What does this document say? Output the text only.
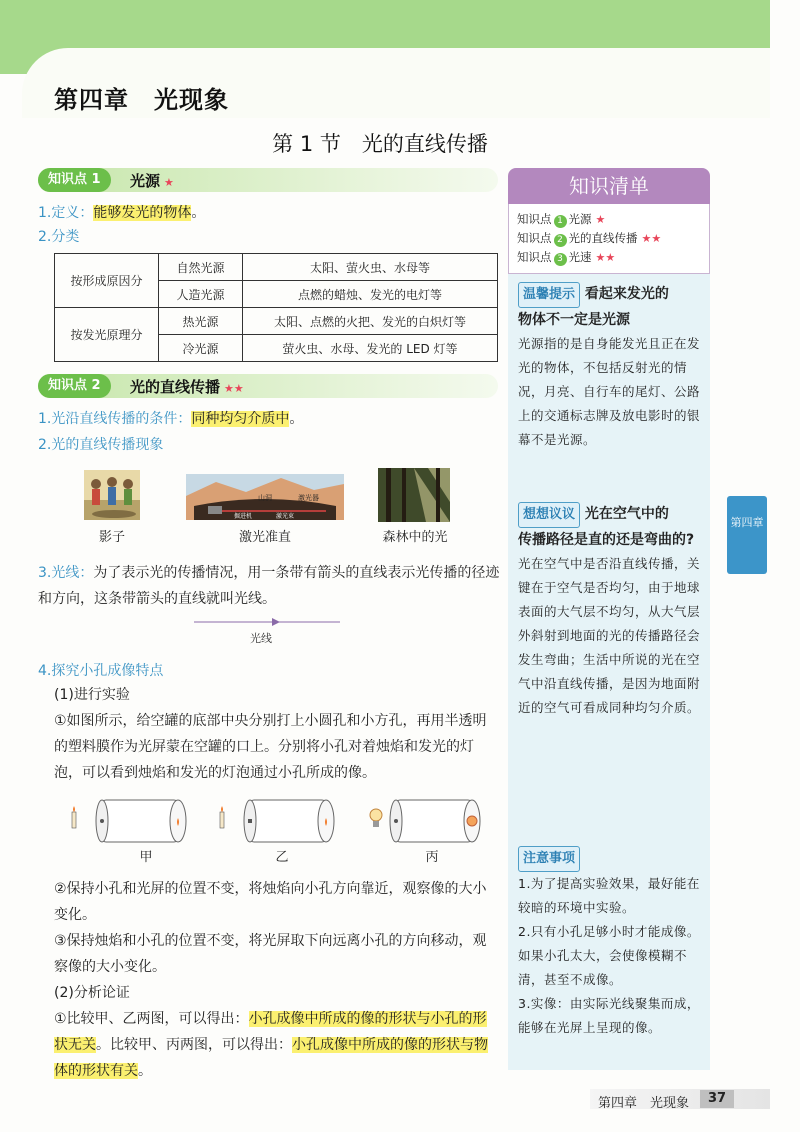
第四章　光现象
第 1 节　光的直线传播
知识点 1	光源 ★
1.定义：能够发光的物体。
2.分类
按形成原因分	自然光源	太阳、萤火虫、水母等
	人造光源	点燃的蜡烛、发光的电灯等
按发光原理分	热光源	太阳、点燃的火把、发光的白炽灯等
	冷光源	萤火虫、水母、发光的 LED 灯等
知识点 2	光的直线传播 ★★
1.光沿直线传播的条件：同种均匀介质中。
2.光的直线传播现象
山洞	激光器
掘进机	激光束
影子	激光准直	森林中的光
3.光线：为了表示光的传播情况，用一条带有箭头的直线表示光传播的径迹和方向，这条带箭头的直线就叫光线。
光线
4.探究小孔成像特点
(1)进行实验
①如图所示，给空罐的底部中央分别打上小圆孔和小方孔，再用半透明的塑料膜作为光屏蒙在空罐的口上。分别将小孔对着烛焰和发光的灯泡，可以看到烛焰和发光的灯泡通过小孔所成的像。
甲	乙	丙
②保持小孔和光屏的位置不变，将烛焰向小孔方向靠近，观察像的大小变化。
③保持烛焰和小孔的位置不变，将光屏取下向远离小孔的方向移动，观察像的大小变化。
(2)分析论证
①比较甲、乙两图，可以得出：小孔成像中所成的像的形状与小孔的形状无关。比较甲、丙两图，可以得出：小孔成像中所成的像的形状与物体的形状有关。
知识清单
知识点 1 光源 ★
知识点 2 光的直线传播 ★★
知识点 3 光速 ★★
温馨提示 看起来发光的
物体不一定是光源
光源指的是自身能发光且正在发光的物体，不包括反射光的情况，月亮、自行车的尾灯、公路上的交通标志牌及放电影时的银幕不是光源。
想想议议 光在空气中的
传播路径是直的还是弯曲的?
光在空气中是否沿直线传播，关键在于空气是否均匀，由于地球表面的大气层不均匀，从大气层外斜射到地面的光的传播路径会发生弯曲；生活中所说的光在空气中沿直线传播，是因为地面附近的空气可看成同种均匀介质。
注意事项
1.为了提高实验效果，最好能在较暗的环境中实验。
2.只有小孔足够小时才能成像。如果小孔太大，会使像模糊不清，甚至不成像。
3.实像：由实际光线聚集而成，能够在光屏上呈现的像。
第四章
第四章　光现象	37
